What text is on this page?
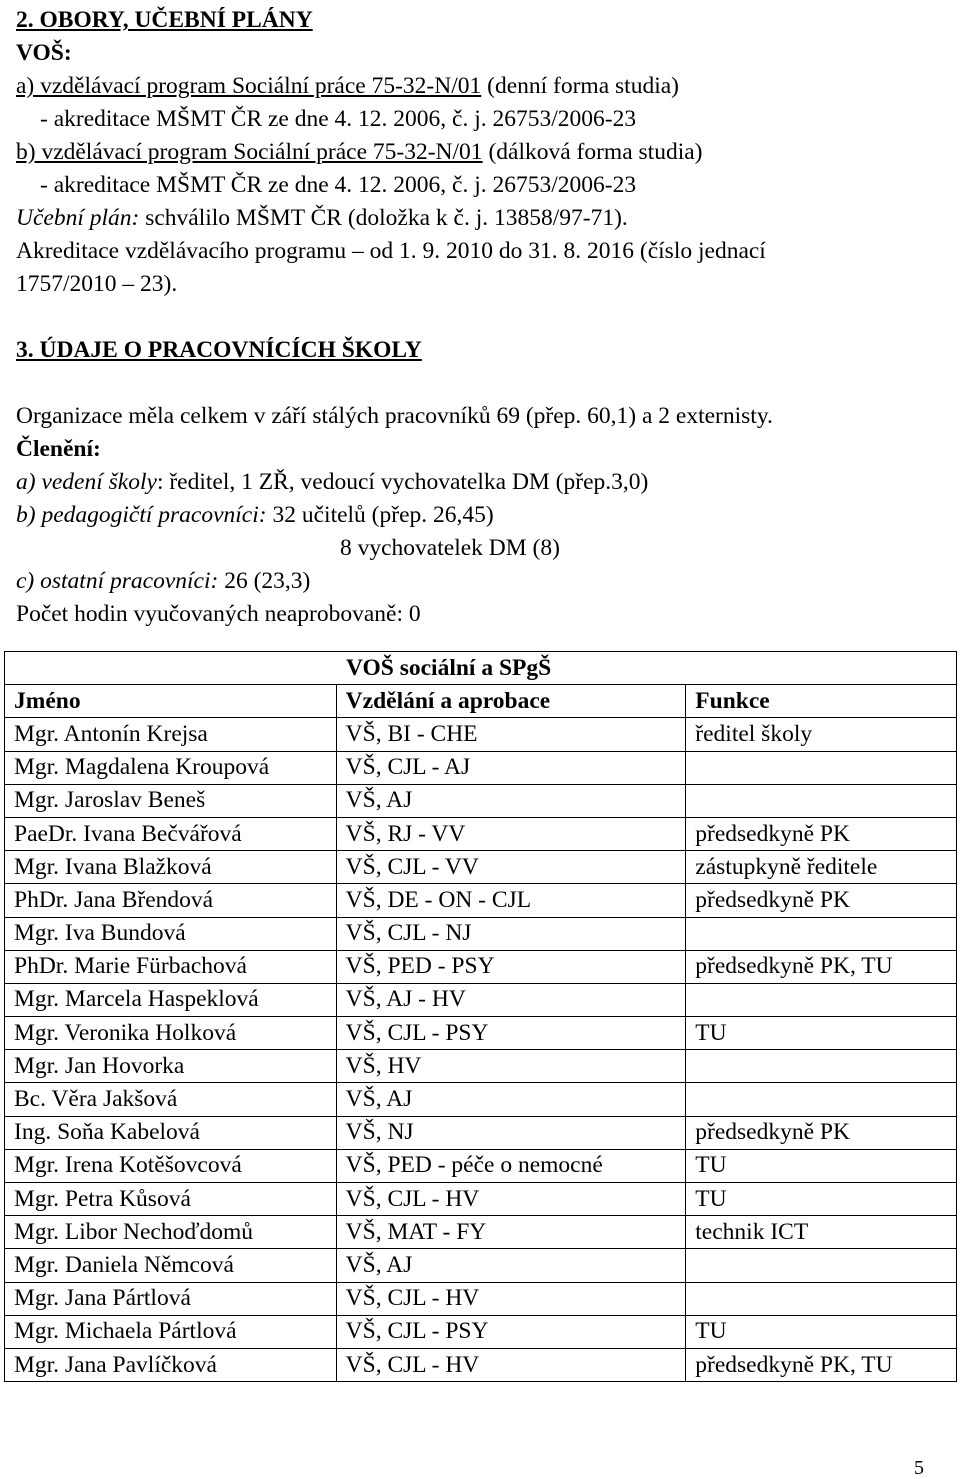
2. OBORY, UČEBNÍ PLÁNY
VOŠ:
a) vzdělávací program Sociální práce 75-32-N/01 (denní forma studia)
- akreditace MŠMT ČR ze dne 4. 12. 2006, č. j. 26753/2006-23
b) vzdělávací program Sociální práce 75-32-N/01 (dálková forma studia)
- akreditace MŠMT ČR ze dne 4. 12. 2006, č. j. 26753/2006-23
Učební plán: schválilo MŠMT ČR (doložka k č. j. 13858/97-71).
Akreditace vzdělávacího programu – od 1. 9. 2010 do 31. 8. 2016 (číslo jednací
1757/2010 – 23).
3. ÚDAJE O PRACOVNÍCÍCH ŠKOLY
Organizace měla celkem v září stálých pracovníků 69 (přep. 60,1) a 2 externisty.
Členění:
a) vedení školy: ředitel, 1 ZŘ, vedoucí vychovatelka DM (přep.3,0)
b) pedagogičtí pracovníci: 32 učitelů (přep. 26,45)
8 vychovatelek DM (8)
c) ostatní pracovníci: 26 (23,3)
Počet hodin vyučovaných neaprobovaně: 0
VOŠ sociální a SPgŠ		
Jméno	Vzdělání a aprobace	Funkce
Mgr. Antonín Krejsa	VŠ, BI - CHE	ředitel školy
Mgr. Magdalena Kroupová	VŠ, CJL - AJ	
Mgr. Jaroslav Beneš	VŠ, AJ	
PaeDr. Ivana Bečvářová	VŠ, RJ - VV	předsedkyně PK
Mgr. Ivana Blažková	VŠ, CJL - VV	zástupkyně ředitele
PhDr. Jana Břendová	VŠ, DE - ON - CJL	předsedkyně PK
Mgr. Iva Bundová	VŠ, CJL - NJ	
PhDr. Marie Fürbachová	VŠ, PED - PSY	předsedkyně PK, TU
Mgr. Marcela Haspeklová	VŠ, AJ - HV	
Mgr. Veronika Holková	VŠ, CJL - PSY	TU
Mgr. Jan Hovorka	VŠ, HV	
Bc. Věra Jakšová	VŠ, AJ	
Ing. Soňa Kabelová	VŠ, NJ	předsedkyně PK
Mgr. Irena Kotěšovcová	VŠ, PED - péče o nemocné	TU
Mgr. Petra Kůsová	VŠ, CJL - HV	TU
Mgr. Libor Nechoďdomů	VŠ, MAT - FY	technik ICT
Mgr. Daniela Němcová	VŠ, AJ	
Mgr. Jana Pártlová	VŠ, CJL - HV	
Mgr. Michaela Pártlová	VŠ, CJL - PSY	TU
Mgr. Jana Pavlíčková	VŠ, CJL - HV	předsedkyně PK, TU
5
